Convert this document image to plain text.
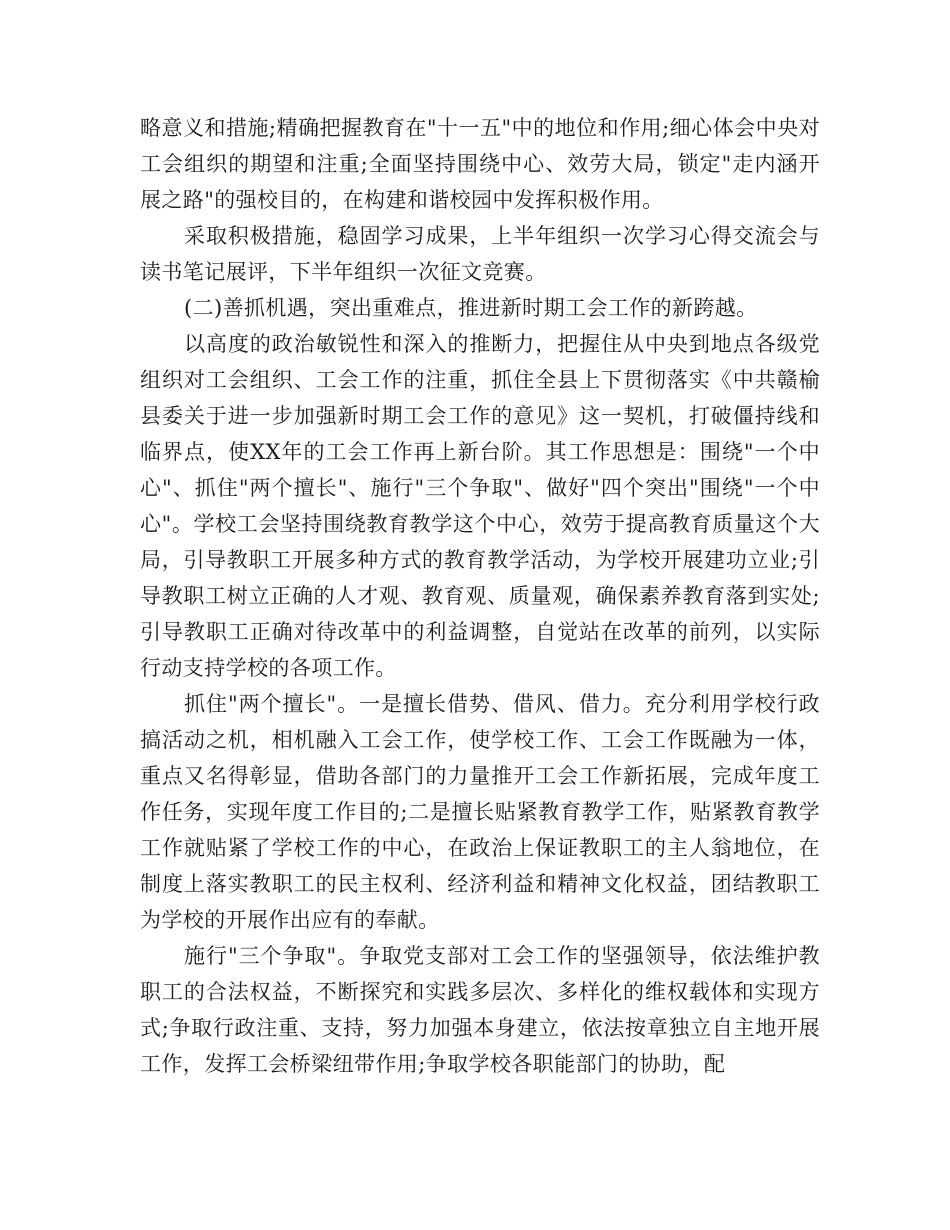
略意义和措施;精确把握教育在"十一五"中的地位和作用;细心体会中央对工会组织的期望和注重;全面坚持围绕中心、效劳大局，锁定"走内涵开展之路"的强校目的，在构建和谐校园中发挥积极作用。

采取积极措施，稳固学习成果，上半年组织一次学习心得交流会与读书笔记展评，下半年组织一次征文竞赛。

(二)善抓机遇，突出重难点，推进新时期工会工作的新跨越。

以高度的政治敏锐性和深入的推断力，把握住从中央到地点各级党组织对工会组织、工会工作的注重，抓住全县上下贯彻落实《中共赣榆县委关于进一步加强新时期工会工作的意见》这一契机，打破僵持线和临界点，使XX年的工会工作再上新台阶。其工作思想是：围绕"一个中心"、抓住"两个擅长"、施行"三个争取"、做好"四个突出"围绕"一个中心"。学校工会坚持围绕教育教学这个中心，效劳于提高教育质量这个大局，引导教职工开展多种方式的教育教学活动，为学校开展建功立业;引导教职工树立正确的人才观、教育观、质量观，确保素养教育落到实处;引导教职工正确对待改革中的利益调整，自觉站在改革的前列，以实际行动支持学校的各项工作。

抓住"两个擅长"。一是擅长借势、借风、借力。充分利用学校行政搞活动之机，相机融入工会工作，使学校工作、工会工作既融为一体，重点又名得彰显，借助各部门的力量推开工会工作新拓展，完成年度工作任务，实现年度工作目的;二是擅长贴紧教育教学工作，贴紧教育教学工作就贴紧了学校工作的中心，在政治上保证教职工的主人翁地位，在制度上落实教职工的民主权利、经济利益和精神文化权益，团结教职工为学校的开展作出应有的奉献。

施行"三个争取"。争取党支部对工会工作的坚强领导，依法维护教职工的合法权益，不断探究和实践多层次、多样化的维权载体和实现方式;争取行政注重、支持，努力加强本身建立，依法按章独立自主地开展工作，发挥工会桥梁纽带作用;争取学校各职能部门的协助，配
